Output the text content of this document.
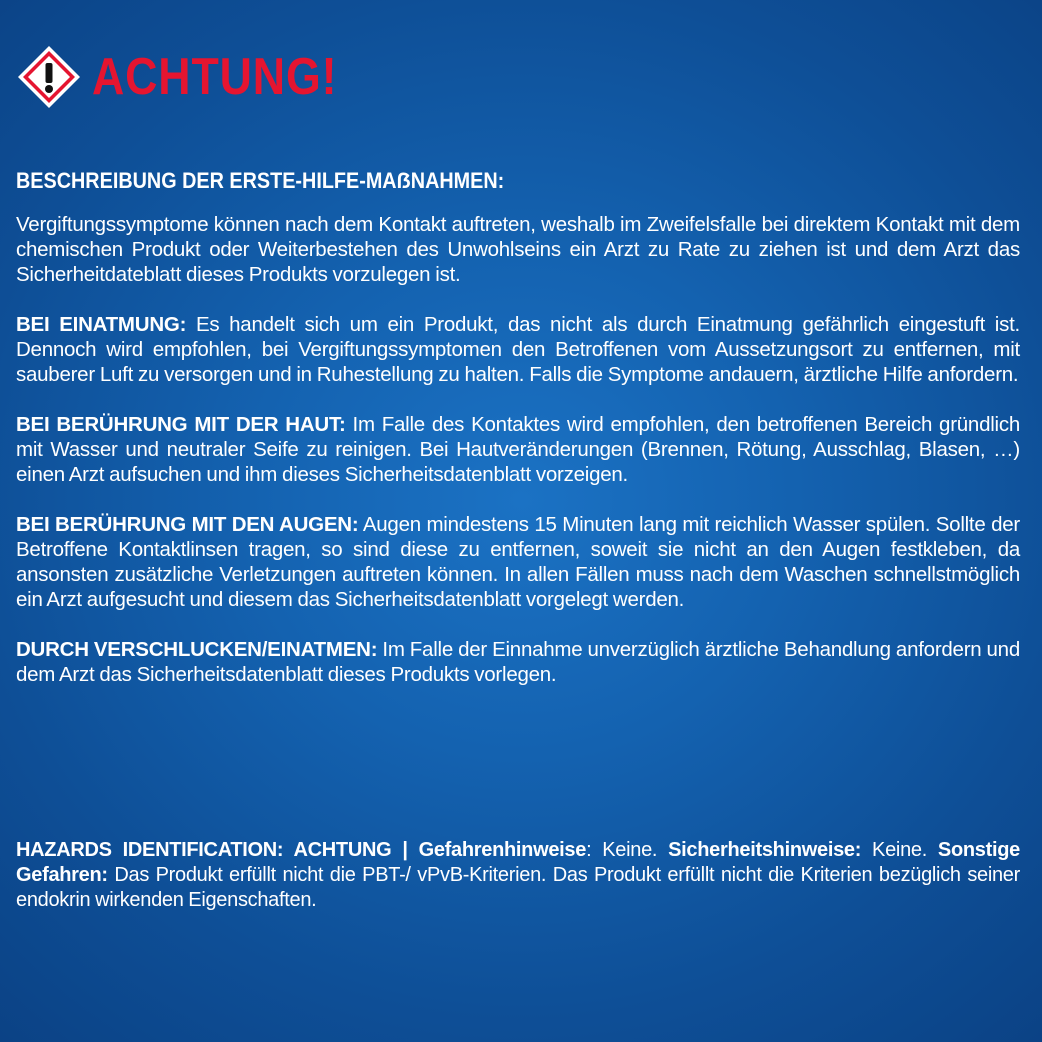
ACHTUNG!
BESCHREIBUNG DER ERSTE-HILFE-MAẞNAHMEN:

Vergiftungssymptome können nach dem Kontakt auftreten, weshalb im Zweifelsfalle bei direktem Kontakt mit dem chemischen Produkt oder Weiterbestehen des Unwohlseins ein Arzt zu Rate zu ziehen ist und dem Arzt das Sicherheitdateblatt dieses Produkts vorzulegen ist.

BEI EINATMUNG: Es handelt sich um ein Produkt, das nicht als durch Einatmung gefährlich eingestuft ist. Dennoch wird empfohlen, bei Vergiftungssymptomen den Betroffenen vom Aussetzungsort zu entfernen, mit sauberer Luft zu versorgen und in Ruhestellung zu halten. Falls die Symptome andauern, ärztliche Hilfe anfordern.

BEI BERÜHRUNG MIT DER HAUT: Im Falle des Kontaktes wird empfohlen, den betroffenen Bereich gründlich mit Wasser und neutraler Seife zu reinigen. Bei Hautveränderungen (Brennen, Rötung, Ausschlag, Blasen, …) einen Arzt aufsuchen und ihm dieses Sicherheitsdatenblatt vorzeigen.

BEI BERÜHRUNG MIT DEN AUGEN: Augen mindestens 15 Minuten lang mit reichlich Wasser spülen. Sollte der Betroffene Kontaktlinsen tragen, so sind diese zu entfernen, soweit sie nicht an den Augen festkleben, da ansonsten zusätzliche Verletzungen auftreten können. In allen Fällen muss nach dem Waschen schnellstmöglich ein Arzt aufgesucht und diesem das Sicherheitsdatenblatt vorgelegt werden.

DURCH VERSCHLUCKEN/EINATMEN: Im Falle der Einnahme unverzüglich ärztliche Behandlung anfordern und dem Arzt das Sicherheitsdatenblatt dieses Produkts vorlegen.

HAZARDS IDENTIFICATION: ACHTUNG | Gefahrenhinweise: Keine. Sicherheitshinweise: Keine. Sonstige Gefahren: Das Produkt erfüllt nicht die PBT-/ vPvB-Kriterien. Das Produkt erfüllt nicht die Kriterien bezüglich seiner endokrin wirkenden Eigenschaften.
